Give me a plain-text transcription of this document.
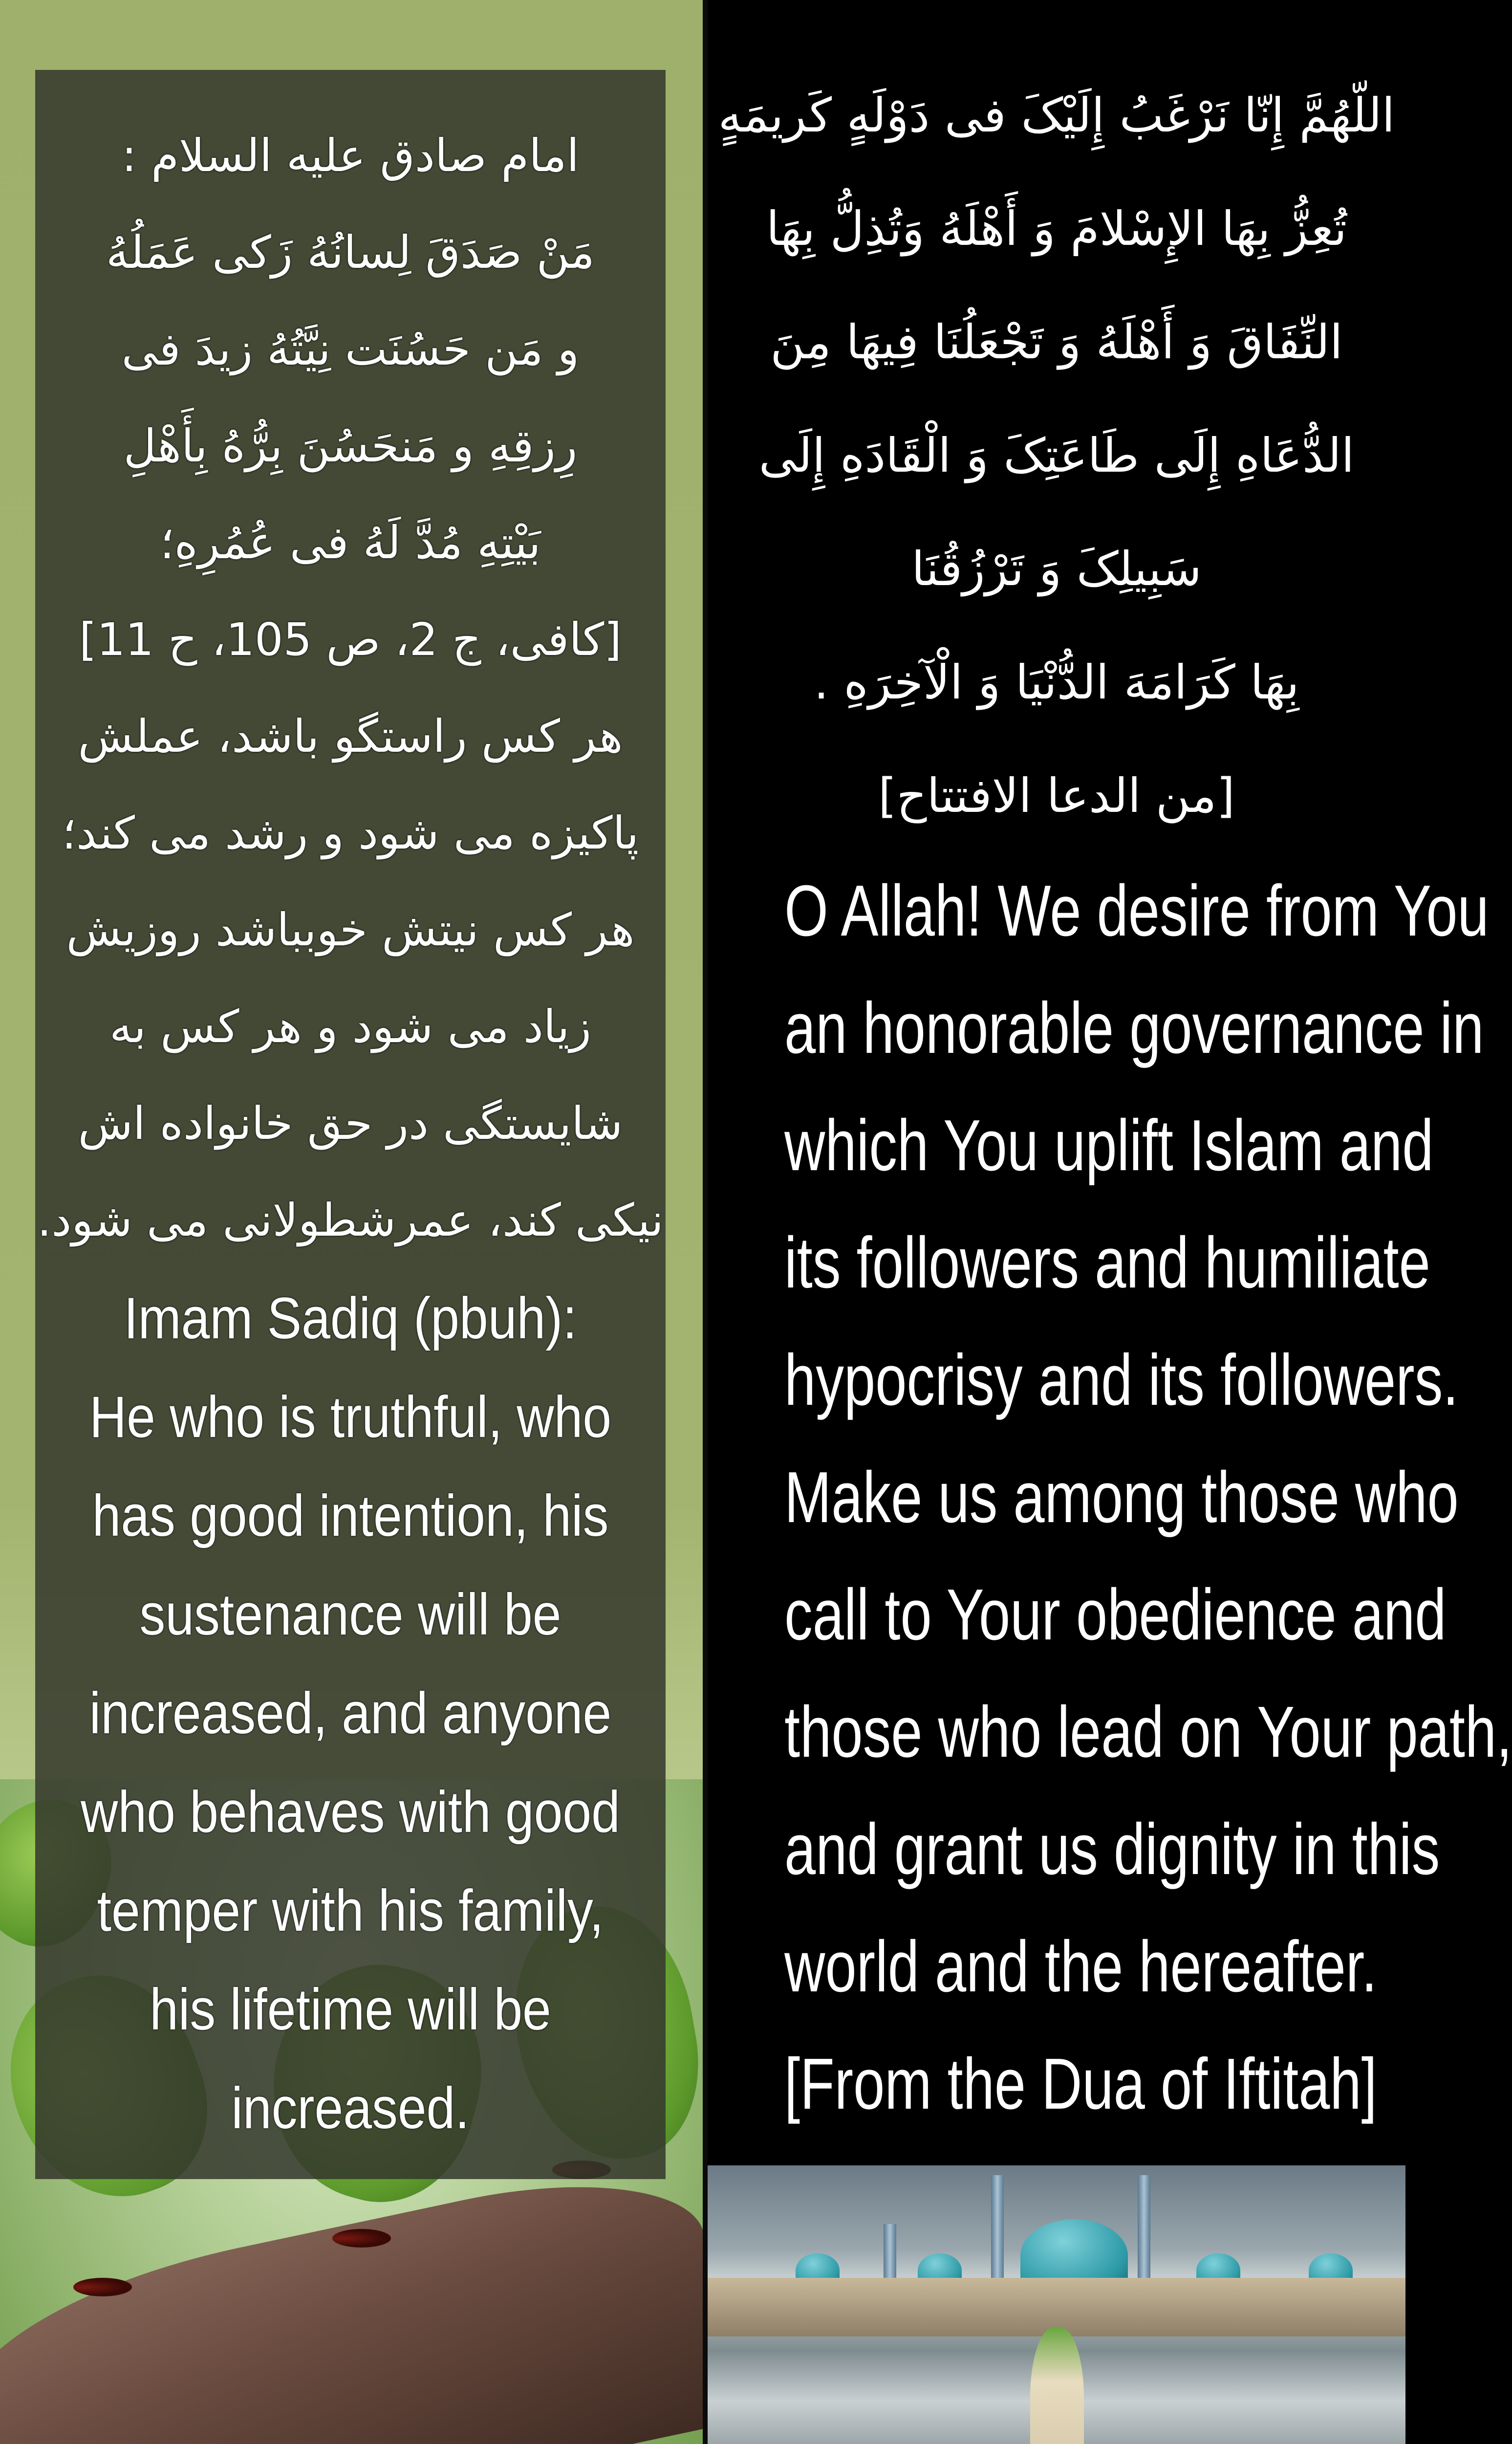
امام صادق علیه السلام :
مَنْ صَدَقَ لِسانُهُ زَکی عَمَلُهُ
و مَن حَسُنَت نِیَّتُهُ زیدَ فی
رِزقِهِ و مَنحَسُنَ بِرُّهُ بِأَهْلِ
بَیْتِهِ مُدَّ لَهُ فی عُمُرِهِ؛
[کافی، ج 2، ص 105، ح 11]
هر کس راستگو باشد، عملش
پاکیزه می شود و رشد می کند؛
هر کس نیتش خوبباشد روزیش
زیاد می شود و هر کس به
شایستگی در حق خانواده اش
نیکی کند، عمرشطولانی می شود.
Imam Sadiq (pbuh):
He who is truthful, who
has good intention, his
sustenance will be
increased, and anyone
who behaves with good
temper with his family,
his lifetime will be
increased.
اللّهُمَّ إِنّا نَرْغَبُ إِلَیْکَ فی دَوْلَهٍ کَریمَهٍ
تُعِزُّ بِهَا الإِسْلامَ وَ أَهْلَهُ وَتُذِلُّ بِهَا
النِّفَاقَ وَ أَهْلَهُ وَ تَجْعَلُنَا فِیهَا مِنَ
الدُّعَاهِ إِلَى طَاعَتِکَ وَ الْقَادَهِ إِلَى
سَبِیلِکَ وَ تَرْزُقُنَا
بِهَا کَرَامَهَ الدُّنْیَا وَ الْآخِرَهِ .
[من الدعا الافتتاح]
O Allah! We desire from You
an honorable governance in
which You uplift Islam and
its followers and humiliate
hypocrisy and its followers.
Make us among those who
call to Your obedience and
those who lead on Your path,
and grant us dignity in this
world and the hereafter.
[From the Dua of Iftitah]
